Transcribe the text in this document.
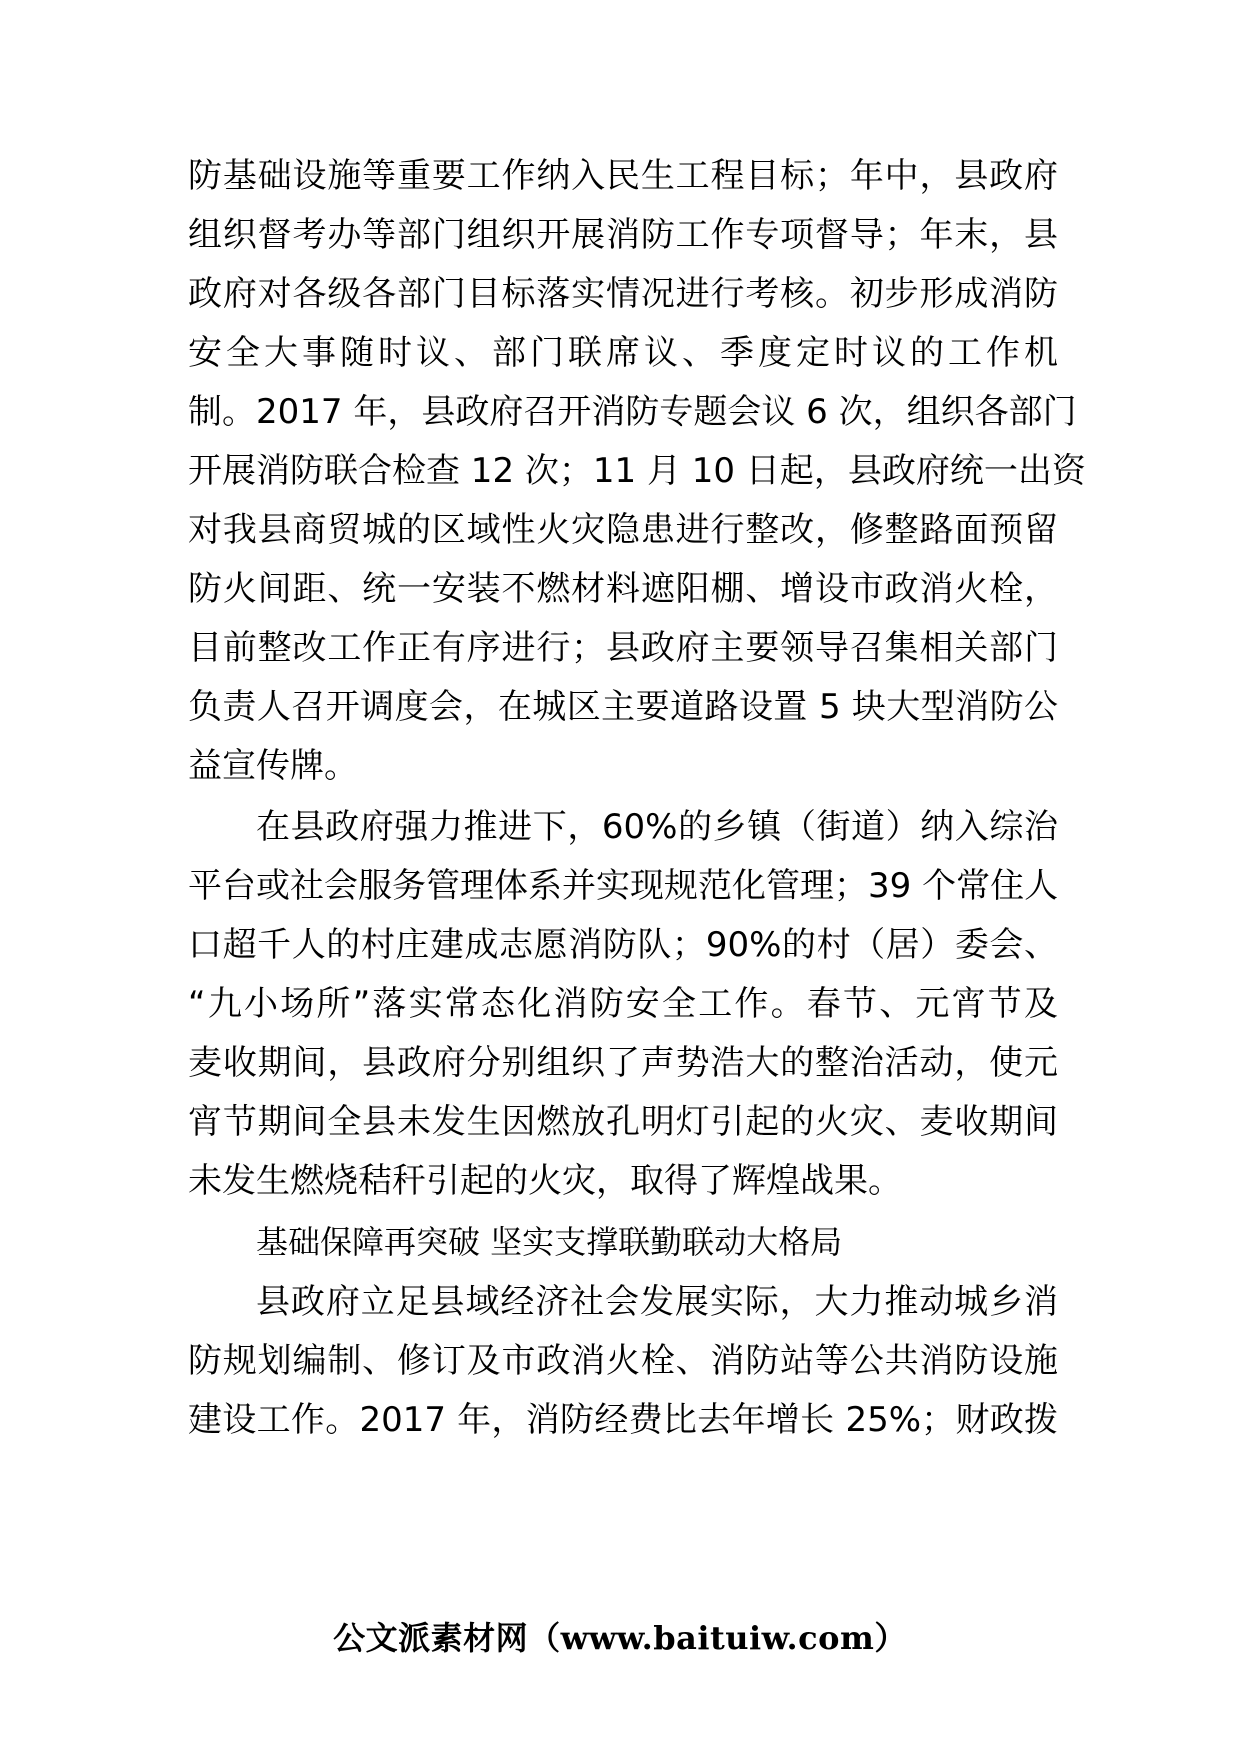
防基础设施等重要工作纳入民生工程目标；年中，县政府
组织督考办等部门组织开展消防工作专项督导；年末，县
政府对各级各部门目标落实情况进行考核。初步形成消防
安全大事随时议、部门联席议、季度定时议的工作机
制。2017 年，县政府召开消防专题会议 6 次，组织各部门
开展消防联合检查 12 次；11 月 10 日起，县政府统一出资
对我县商贸城的区域性火灾隐患进行整改，修整路面预留
防火间距、统一安装不燃材料遮阳棚、增设市政消火栓，
目前整改工作正有序进行；县政府主要领导召集相关部门
负责人召开调度会，在城区主要道路设置 5 块大型消防公
益宣传牌。
在县政府强力推进下，60%的乡镇（街道）纳入综治
平台或社会服务管理体系并实现规范化管理；39 个常住人
口超千人的村庄建成志愿消防队；90%的村（居）委会、
“九小场所”落实常态化消防安全工作。春节、元宵节及
麦收期间，县政府分别组织了声势浩大的整治活动，使元
宵节期间全县未发生因燃放孔明灯引起的火灾、麦收期间
未发生燃烧秸秆引起的火灾，取得了辉煌战果。
基础保障再突破 坚实支撑联勤联动大格局
县政府立足县域经济社会发展实际，大力推动城乡消
防规划编制、修订及市政消火栓、消防站等公共消防设施
建设工作。2017 年，消防经费比去年增长 25%；财政拨
公文派素材网（www.baituiw.com）
